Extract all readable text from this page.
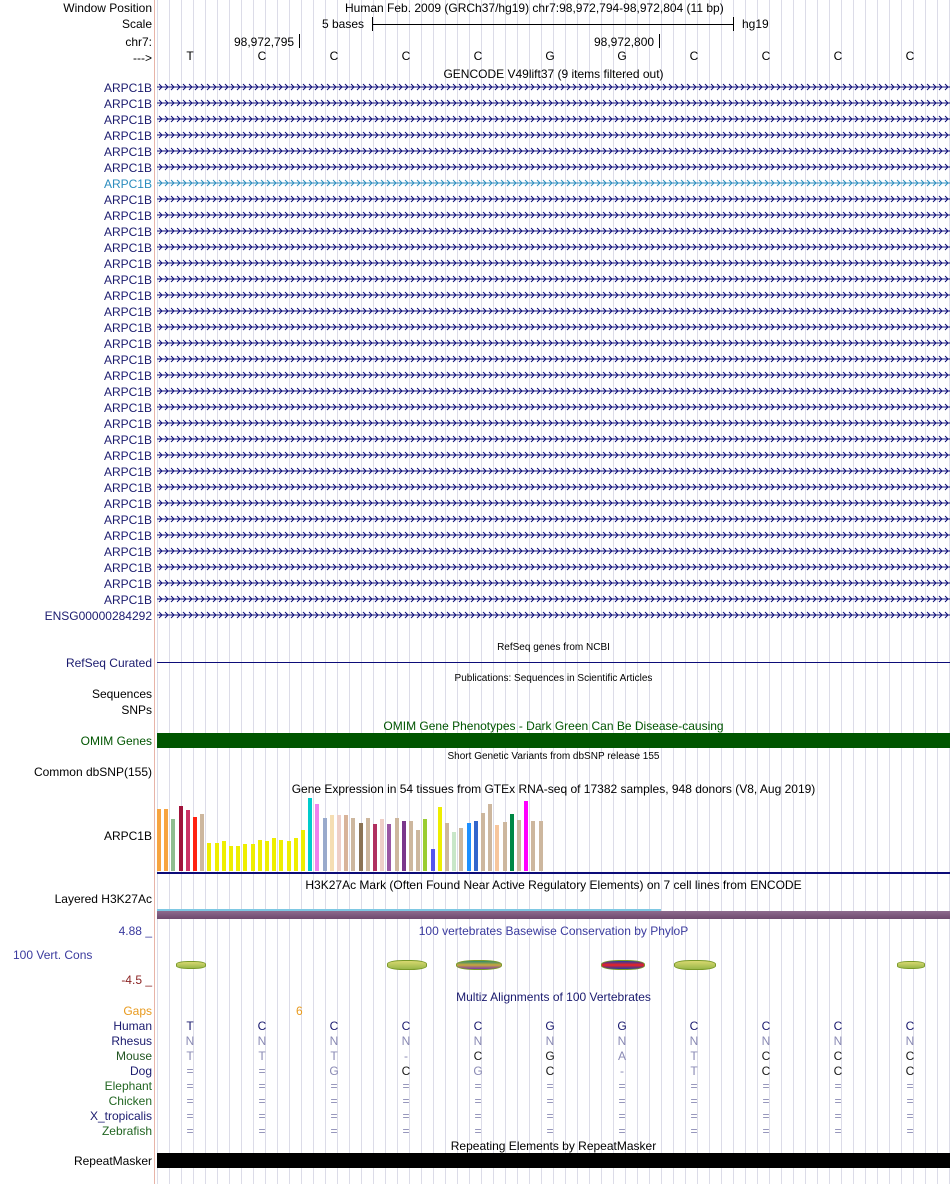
Window Position	Human Feb. 2009 (GRCh37/hg19) chr7:98,972,794-98,972,804 (11 bp)
Scale	5 bases	hg19
chr7:	98,972,795	98,972,800
--->	T	C	C	C	C	G	G	C	C	C	C
GENCODE V49lift37 (9 items filtered out)
ARPC1B
ARPC1B
ARPC1B
ARPC1B
ARPC1B
ARPC1B
ARPC1B
ARPC1B
ARPC1B
ARPC1B
ARPC1B
ARPC1B
ARPC1B
ARPC1B
ARPC1B
ARPC1B
ARPC1B
ARPC1B
ARPC1B
ARPC1B
ARPC1B
ARPC1B
ARPC1B
ARPC1B
ARPC1B
ARPC1B
ARPC1B
ARPC1B
ARPC1B
ARPC1B
ARPC1B
ARPC1B
ARPC1B
ENSG00000284292
RefSeq genes from NCBI
RefSeq Curated
Publications: Sequences in Scientific Articles
Sequences
SNPs
OMIM Gene Phenotypes - Dark Green Can Be Disease-causing
OMIM Genes
Short Genetic Variants from dbSNP release 155
Common dbSNP(155)
Gene Expression in 54 tissues from GTEx RNA-seq of 17382 samples, 948 donors (V8, Aug 2019)
ARPC1B
H3K27Ac Mark (Often Found Near Active Regulatory Elements) on 7 cell lines from ENCODE
Layered H3K27Ac
100 vertebrates Basewise Conservation by PhyloP
4.88 _
100 Vert. Cons
-4.5 _
Multiz Alignments of 100 Vertebrates
Gaps	6
Human	T	C	C	C	C	G	G	C	C	C	C
Rhesus	N	N	N	N	N	N	N	N	N	N	N
Mouse	T	T	T	-	C	G	A	T	C	C	C
Dog	=	=	G	C	G	C	-	T	C	C	C
Elephant	=	=	=	=	=	=	=	=	=	=	=
Chicken	=	=	=	=	=	=	=	=	=	=	=
X_tropicalis	=	=	=	=	=	=	=	=	=	=	=
Zebrafish	=	=	=	=	=	=	=	=	=	=	=
Repeating Elements by RepeatMasker
RepeatMasker
